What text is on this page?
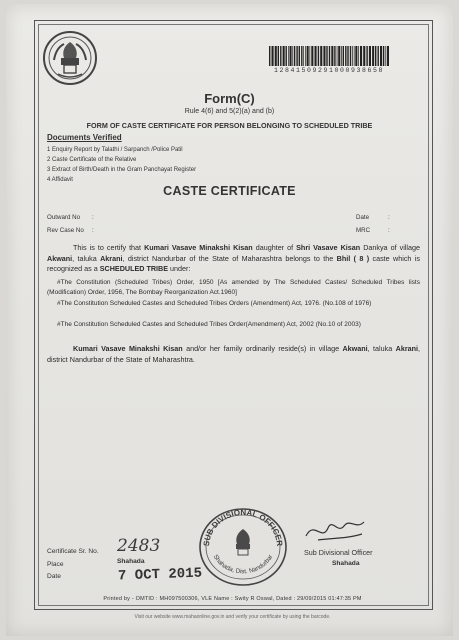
12841509291000938658
Form(C)
Rule 4(6) and 5(2)(a) and (b)
FORM OF CASTE CERTIFICATE FOR PERSON BELONGING TO SCHEDULED TRIBE
Documents Verified
1 Enquiry Report by Talathi / Sarpanch /Police Patil
2 Caste Certificate of the Relative
3 Extract of Birth/Death in the Gram Panchayat Register
4 Affidavit
CASTE CERTIFICATE
Outward No :
Rev Case No :
Date	:
MRC	:
This is to certify that Kumari Vasave Minakshi Kisan daughter of Shri Vasave Kisan Dankya of village Akwani, taluka Akrani, district Nandurbar of the State of Maharashtra belongs to the Bhil ( 8 ) caste which is recognized as a SCHEDULED TRIBE under:
#The Constitution (Scheduled Tribes) Order, 1950 [As amended by The Scheduled Castes/ Scheduled Tribes lists (Modification) Order, 1956, The Bombay Reorganization Act.1960]
#The Constitution Scheduled Castes and Scheduled Tribes Orders (Amendment) Act, 1976. (No.108 of 1976)
#The Constitution Scheduled Castes and Scheduled Tribes Order(Amendment) Act, 2002 (No.10 of 2003)
Kumari Vasave Minakshi Kisan and/or her family ordinarily reside(s) in village Akwani, taluka Akrani, district Nandurbar of the State of Maharashtra.
SUB DIVISIONAL OFFICER
Shahada, Dist. Nandurbar	Sub Divisional Officer
Shahada
Certificate Sr. No. 2483
Place	Shahada
Date	7 OCT 2015
Printed by - OMTID : MH097500306, VLE Name : Swity R Oswal, Dated : 29/09/2015 01:47:35 PM
Visit our website www.mahaonline.gov.in and verify your certificate by using the barcode.
